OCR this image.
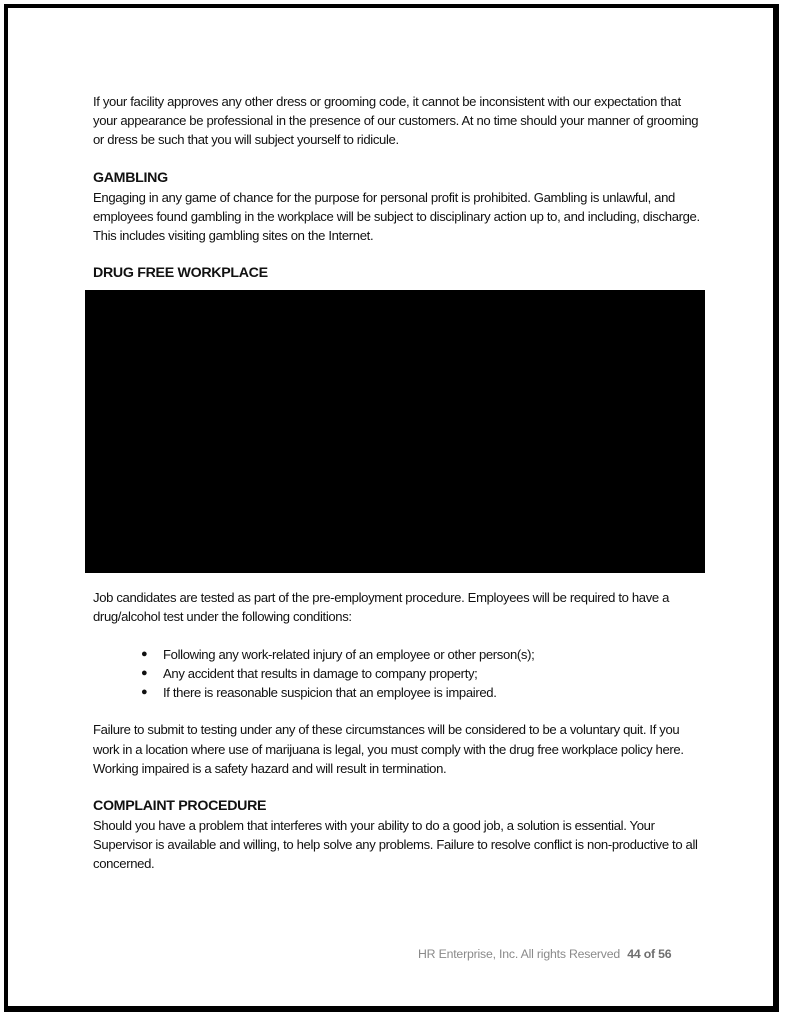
If your facility approves any other dress or grooming code, it cannot be inconsistent with our expectation that your appearance be professional in the presence of our customers. At no time should your manner of grooming or dress be such that you will subject yourself to ridicule.

GAMBLING

Engaging in any game of chance for the purpose for personal profit is prohibited. Gambling is unlawful, and employees found gambling in the workplace will be subject to disciplinary action up to, and including, discharge. This includes visiting gambling sites on the Internet.

DRUG FREE WORKPLACE

Job candidates are tested as part of the pre-employment procedure. Employees will be required to have a drug/alcohol test under the following conditions:

● Following any work-related injury of an employee or other person(s);
● Any accident that results in damage to company property;
● If there is reasonable suspicion that an employee is impaired.

Failure to submit to testing under any of these circumstances will be considered to be a voluntary quit. If you work in a location where use of marijuana is legal, you must comply with the drug free workplace policy here. Working impaired is a safety hazard and will result in termination.

COMPLAINT PROCEDURE

Should you have a problem that interferes with your ability to do a good job, a solution is essential. Your Supervisor is available and willing, to help solve any problems. Failure to resolve conflict is non-productive to all concerned.

HR Enterprise, Inc. All rights Reserved 44 of 56
